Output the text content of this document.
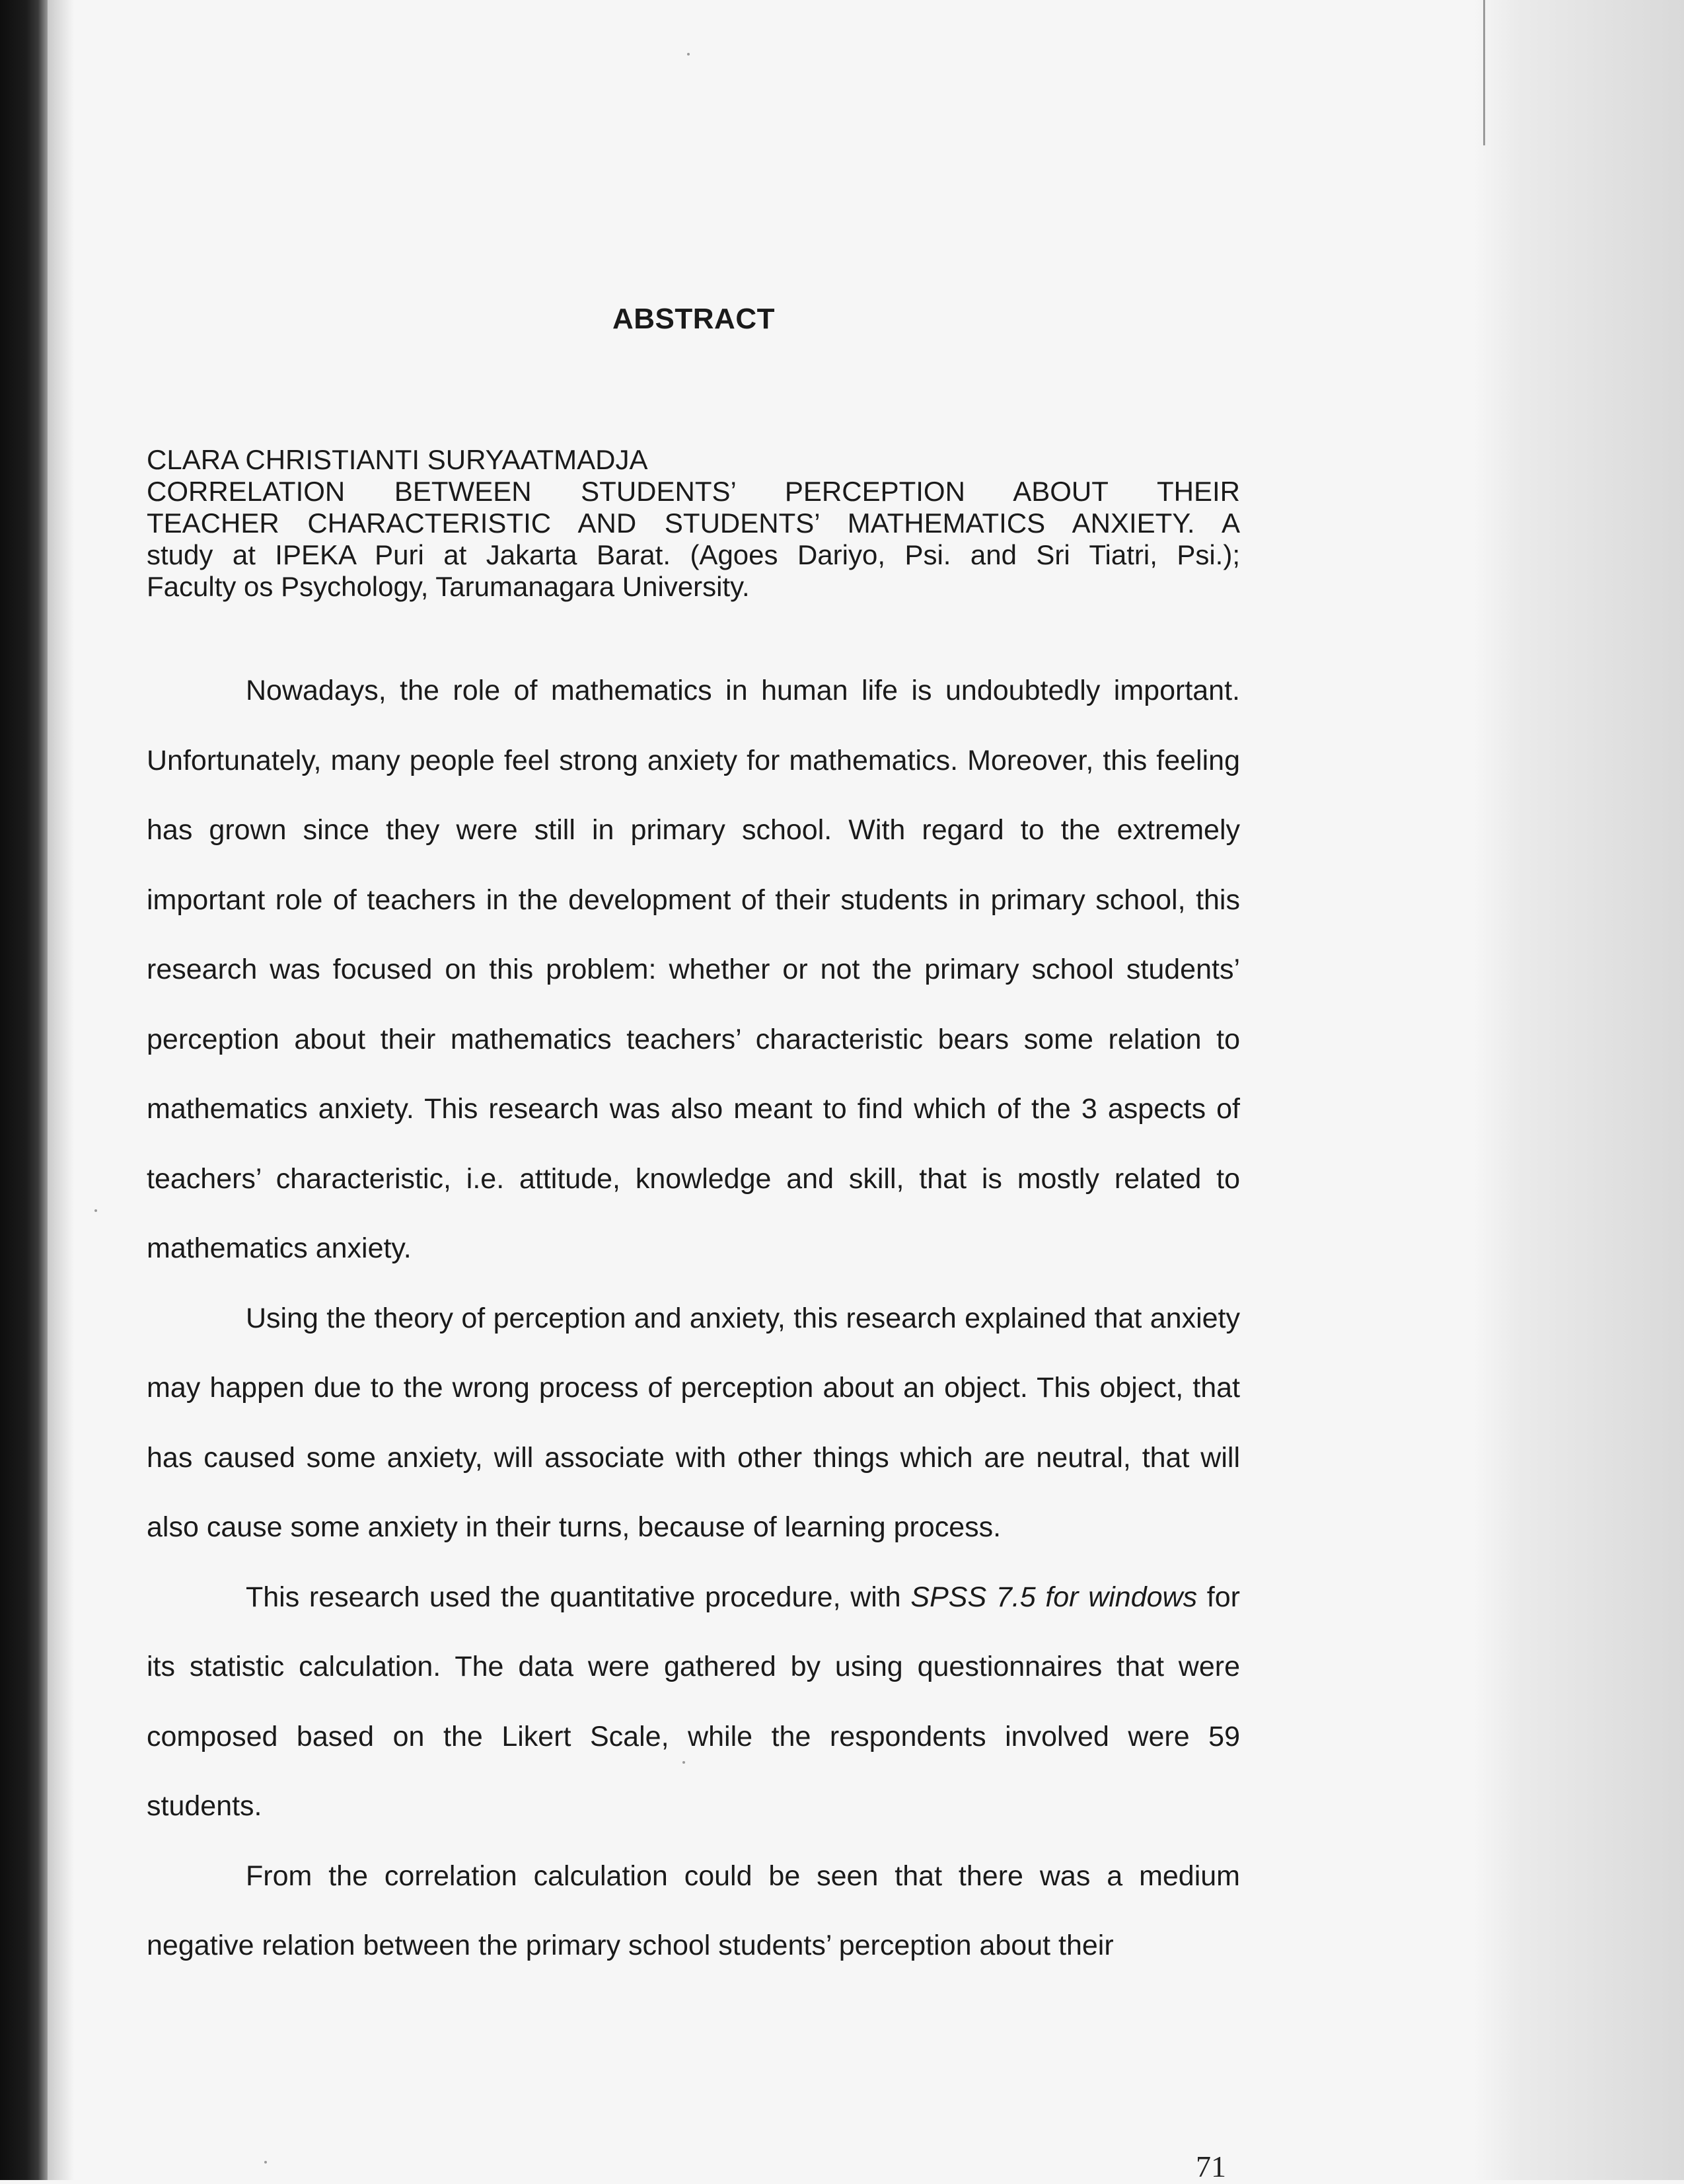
ABSTRACT
CLARA CHRISTIANTI SURYAATMADJA
CORRELATION BETWEEN STUDENTS’ PERCEPTION ABOUT THEIR
TEACHER CHARACTERISTIC AND STUDENTS’ MATHEMATICS ANXIETY. A
study at IPEKA Puri at Jakarta Barat. (Agoes Dariyo, Psi. and Sri Tiatri, Psi.);
Faculty os Psychology, Tarumanagara University.

Nowadays, the role of mathematics in human life is undoubtedly important. Unfortunately, many people feel strong anxiety for mathematics. Moreover, this feeling has grown since they were still in primary school. With regard to the extremely important role of teachers in the development of their students in primary school, this research was focused on this problem: whether or not the primary school students’ perception about their mathematics teachers’ characteristic bears some relation to mathematics anxiety. This research was also meant to find which of the 3 aspects of teachers’ characteristic, i.e. attitude, knowledge and skill, that is mostly related to mathematics anxiety.

Using the theory of perception and anxiety, this research explained that anxiety may happen due to the wrong process of perception about an object. This object, that has caused some anxiety, will associate with other things which are neutral, that will also cause some anxiety in their turns, because of learning process.

This research used the quantitative procedure, with SPSS 7.5 for windows for its statistic calculation. The data were gathered by using questionnaires that were composed based on the Likert Scale, while the respondents involved were 59 students.

From the correlation calculation could be seen that there was a medium negative relation between the primary school students’ perception about their

71
